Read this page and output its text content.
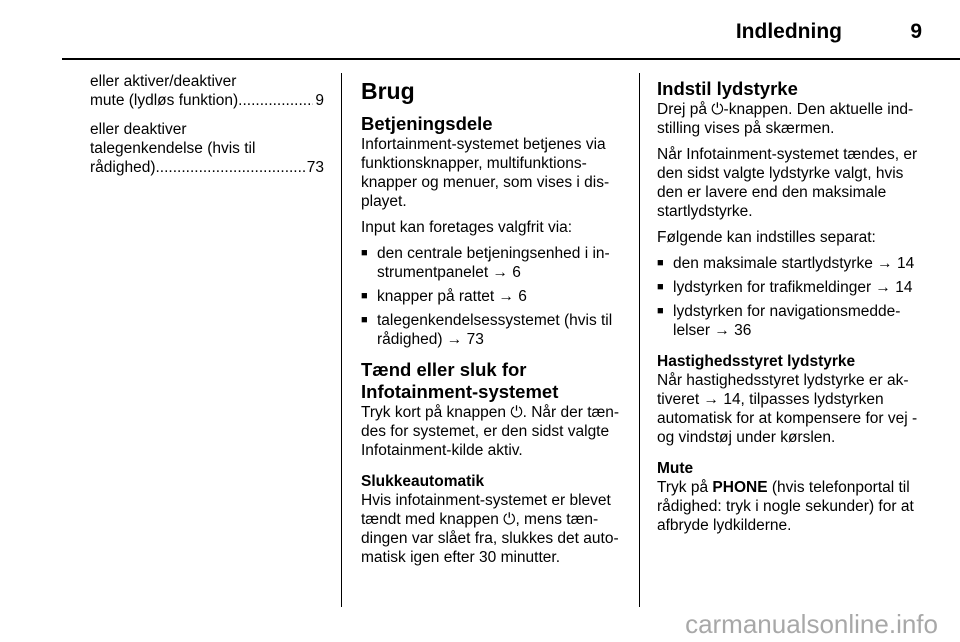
Indledning	9
eller aktiver/deaktiver
mute (lydløs funktion) .....	9
eller deaktiver
talegenkendelse (hvis til
rådighed) .....	73
Brug
Betjeningsdele

Infortainment-systemet betjenes via funktionsknapper, multifunktionsknapper og menuer, som vises i displayet.

Input kan foretages valgfrit via:

■ den centrale betjeningsenhed i instrumentpanelet → 6
■ knapper på rattet → 6
■ talegenkendelsessystemet (hvis til rådighed) → 73
Tænd eller sluk for
Infotainment-systemet

Tryk kort på knappen ⏻. Når der tændes for systemet, er den sidst valgte Infotainment-kilde aktiv.

Slukkeautomatik

Hvis infotainment-systemet er blevet tændt med knappen ⏻, mens tændingen var slået fra, slukkes det automatisk igen efter 30 minutter.

Indstil lydstyrke

Drej på ⏻-knappen. Den aktuelle indstilling vises på skærmen.

Når Infotainment-systemet tændes, er den sidst valgte lydstyrke valgt, hvis den er lavere end den maksimale startlydstyrke.

Følgende kan indstilles separat:

■ den maksimale startlydstyrke → 14
■ lydstyrken for trafikmeldinger → 14
■ lydstyrken for navigationsmeddelelser → 36
Hastighedsstyret lydstyrke

Når hastighedsstyret lydstyrke er aktiveret → 14, tilpasses lydstyrken automatisk for at kompensere for vej - og vindstøj under kørslen.

Mute

Tryk på PHONE (hvis telefonportal til rådighed: tryk i nogle sekunder) for at afbryde lydkilderne.

carmanualsonline.info
